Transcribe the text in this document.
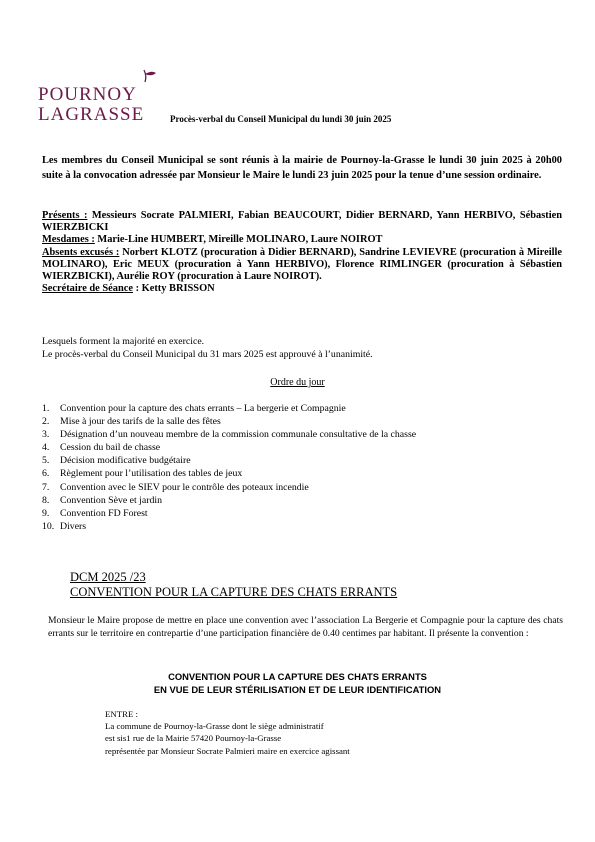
POURNOY
LAGRASSE	Procès-verbal du Conseil Municipal du lundi 30 juin 2025
Les membres du Conseil Municipal se sont réunis à la mairie de Pournoy-la-Grasse le lundi 30 juin 2025 à 20h00 suite à la convocation adressée par Monsieur le Maire le lundi 23 juin 2025 pour la tenue d’une session ordinaire.

Présents : Messieurs Socrate PALMIERI, Fabian BEAUCOURT, Didier BERNARD, Yann HERBIVO, Sébastien WIERZBICKI

Mesdames : Marie-Line HUMBERT, Mireille MOLINARO, Laure NOIROT

Absents excusés : Norbert KLOTZ (procuration à Didier BERNARD), Sandrine LEVIEVRE (procuration à Mireille MOLINARO), Eric MEUX (procuration à Yann HERBIVO), Florence RIMLINGER (procuration à Sébastien WIERZBICKI), Aurélie ROY (procuration à Laure NOIROT).

Secrétaire de Séance : Ketty BRISSON

Lesquels forment la majorité en exercice.

Le procès-verbal du Conseil Municipal du 31 mars 2025 est approuvé à l’unanimité.

Ordre du jour
1.	Convention pour la capture des chats errants – La bergerie et Compagnie
2.	Mise à jour des tarifs de la salle des fêtes
3.	Désignation d’un nouveau membre de la commission communale consultative de la chasse
4.	Cession du bail de chasse
5.	Décision modificative budgétaire
6.	Règlement pour l’utilisation des tables de jeux
7.	Convention avec le SIEV pour le contrôle des poteaux incendie
8.	Convention Sève et jardin
9.	Convention FD Forest
10. Divers

DCM 2025 /23

CONVENTION POUR LA CAPTURE DES CHATS ERRANTS

Monsieur le Maire propose de mettre en place une convention avec l’association La Bergerie et Compagnie pour la capture des chats errants sur le territoire en contrepartie d’une participation financière de 0.40 centimes par habitant. Il présente la convention :

CONVENTION POUR LA CAPTURE DES CHATS ERRANTS

EN VUE DE LEUR STÉRILISATION ET DE LEUR IDENTIFICATION

ENTRE :

La commune de Pournoy-la-Grasse dont le siège administratif

est sis1 rue de la Mairie 57420 Pournoy-la-Grasse

représentée par Monsieur Socrate Palmieri maire en exercice agissant
